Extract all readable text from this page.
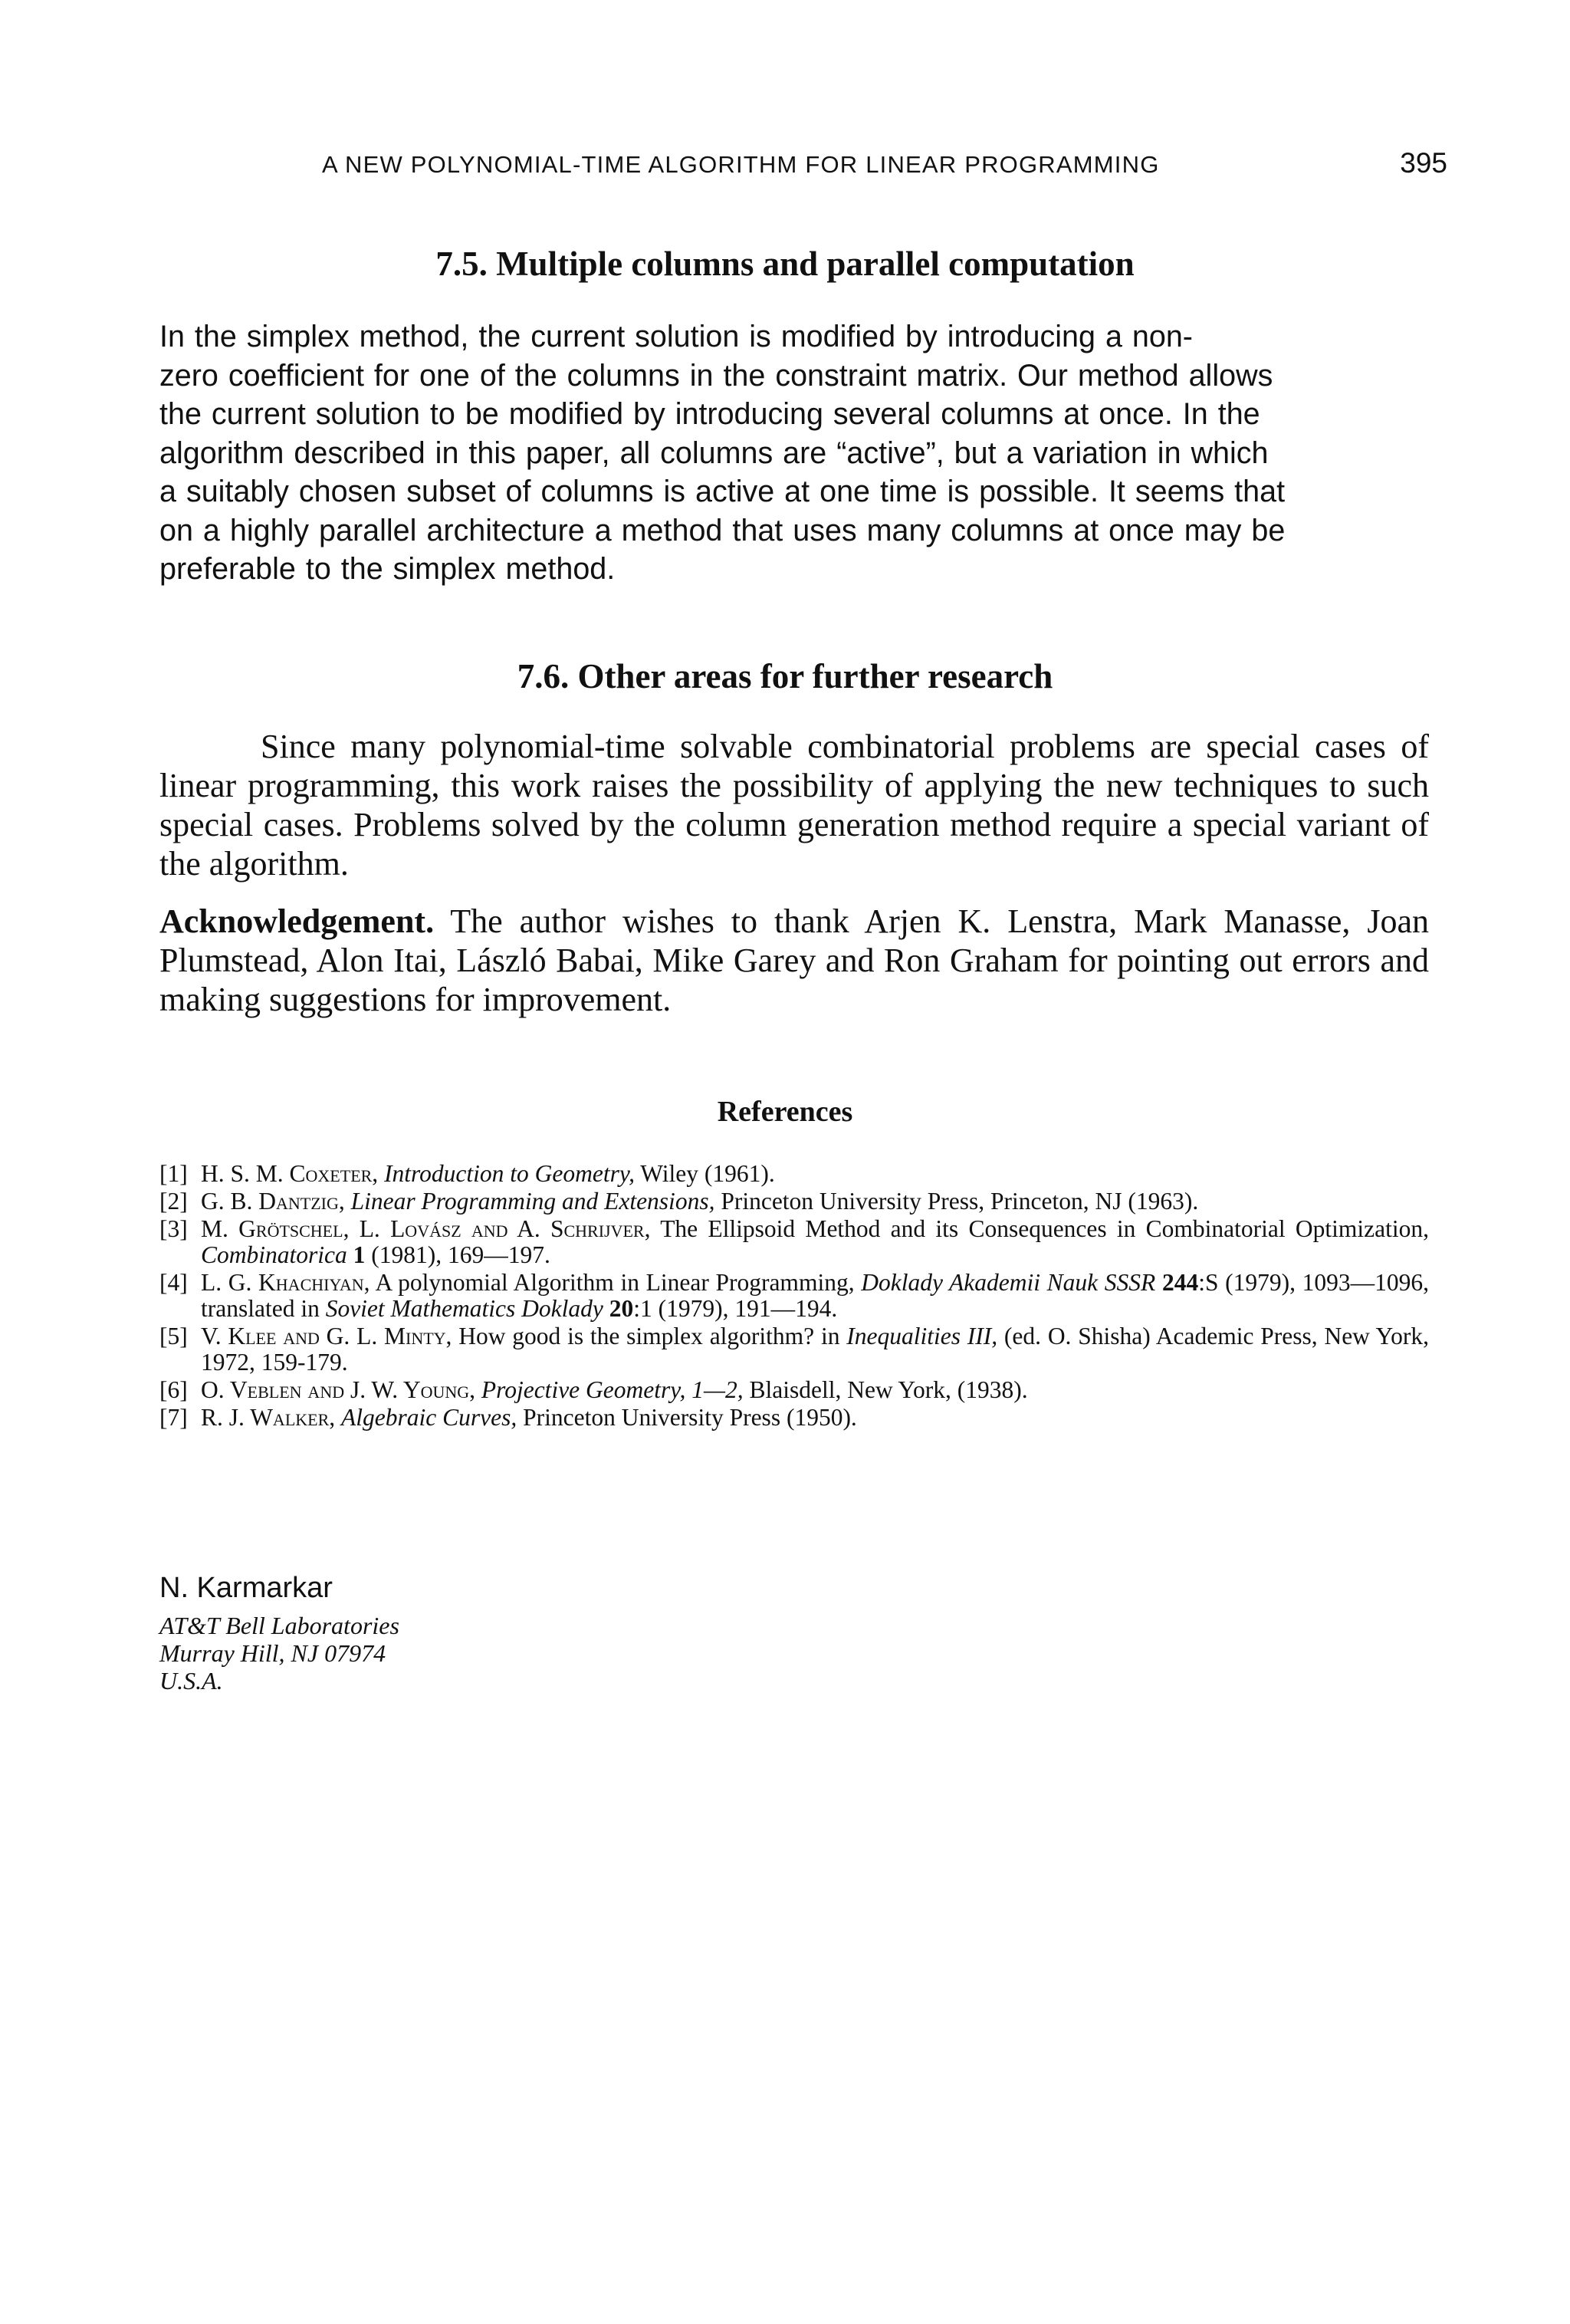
A NEW POLYNOMIAL-TIME ALGORITHM FOR LINEAR PROGRAMMING	395
7.5. Multiple columns and parallel computation
In the simplex method, the current solution is modified by introducing a non-
zero coefficient for one of the columns in the constraint matrix. Our method allows
the current solution to be modified by introducing several columns at once. In the
algorithm described in this paper, all columns are “active”, but a variation in which
a suitably chosen subset of columns is active at one time is possible. It seems that
on a highly parallel architecture a method that uses many columns at once may be
preferable to the simplex method.
7.6. Other areas for further research

Since many polynomial-time solvable combinatorial problems are special cases of linear programming, this work raises the possibility of applying the new techniques to such special cases. Problems solved by the column generation method require a special variant of the algorithm.

Acknowledgement. The author wishes to thank Arjen K. Lenstra, Mark Manasse, Joan Plumstead, Alon Itai, László Babai, Mike Garey and Ron Graham for pointing out errors and making suggestions for improvement.

References
[1] H. S. M. Coxeter, Introduction to Geometry, Wiley (1961).
[2] G. B. Dantzig, Linear Programming and Extensions, Princeton University Press, Princeton, NJ (1963).
[3] M. Grötschel, L. Lovász and A. Schrijver, The Ellipsoid Method and its Consequences in Combinatorial Optimization, Combinatorica 1 (1981), 169—197.
[4] L. G. Khachiyan, A polynomial Algorithm in Linear Programming, Doklady Akademii Nauk SSSR 244:S (1979), 1093—1096, translated in Soviet Mathematics Doklady 20:1 (1979), 191—194.
[5] V. Klee and G. L. Minty, How good is the simplex algorithm? in Inequalities III, (ed. O. Shisha) Academic Press, New York, 1972, 159-179.
[6] O. Veblen and J. W. Young, Projective Geometry, 1—2, Blaisdell, New York, (1938).
[7] R. J. Walker, Algebraic Curves, Princeton University Press (1950).
N. Karmarkar
AT&T Bell Laboratories
Murray Hill, NJ 07974
U.S.A.
